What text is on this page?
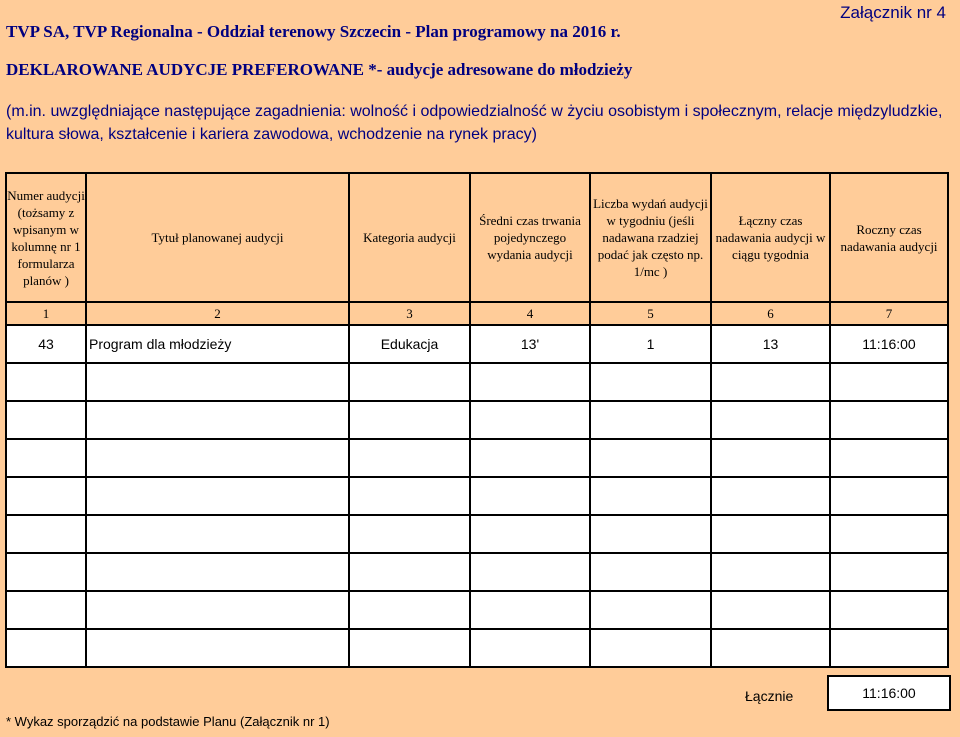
TVP SA, TVP Regionalna - Oddział terenowy Szczecin - Plan programowy na 2016 r.
Załącznik nr 4
DEKLAROWANE AUDYCJE PREFEROWANE *- audycje adresowane do młodzieży
(m.in. uwzględniające następujące zagadnienia: wolność i odpowiedzialność w życiu osobistym i społecznym, relacje międzyludzkie, kultura słowa, kształcenie i kariera zawodowa, wchodzenie na rynek pracy)
Numer audycji (tożsamy z wpisanym w kolumnę nr 1 formularza planów )	Tytuł planowanej audycji	Kategoria audycji	Średni czas trwania pojedynczego wydania audycji	Liczba wydań audycji w tygodniu (jeśli nadawana rzadziej podać jak często np. 1/mc )	Łączny czas nadawania audycji w ciągu tygodnia	Roczny czas nadawania audycji
1	2	3	4	5	6	7
43	Program dla młodzieży	Edukacja	13'	1	13	11:16:00

Łącznie	11:16:00
* Wykaz sporządzić na podstawie Planu (Załącznik nr 1)
